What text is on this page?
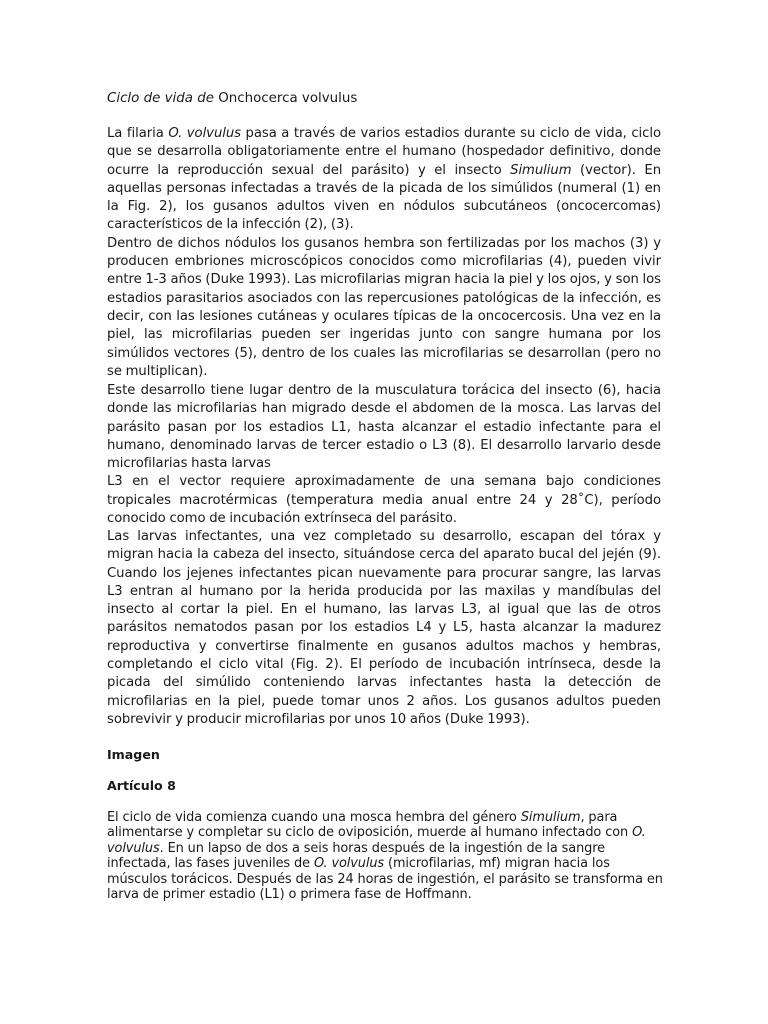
Ciclo de vida de Onchocerca volvulus
La filaria O. volvulus pasa a través de varios estadios durante su ciclo de vida, ciclo que se desarrolla obligatoriamente entre el humano (hospedador definitivo, donde ocurre la reproducción sexual del parásito) y el insecto Simulium (vector). En aquellas personas infectadas a través de la picada de los simúlidos (numeral (1) en la Fig. 2), los gusanos adultos viven en nódulos subcutáneos (oncocercomas) característicos de la infección (2), (3).
Dentro de dichos nódulos los gusanos hembra son fertilizadas por los machos (3) y producen embriones microscópicos conocidos como microfilarias (4), pueden vivir entre 1-3 años (Duke 1993). Las microfilarias migran hacia la piel y los ojos, y son los estadios parasitarios asociados con las repercusiones patológicas de la infección, es decir, con las lesiones cutáneas y oculares típicas de la oncocercosis. Una vez en la piel, las microfilarias pueden ser ingeridas junto con sangre humana por los simúlidos vectores (5), dentro de los cuales las microfilarias se desarrollan (pero no se multiplican).
Este desarrollo tiene lugar dentro de la musculatura torácica del insecto (6), hacia donde las microfilarias han migrado desde el abdomen de la mosca. Las larvas del parásito pasan por los estadios L1, hasta alcanzar el estadio infectante para el humano, denominado larvas de tercer estadio o L3 (8). El desarrollo larvario desde microfilarias hasta larvas
L3 en el vector requiere aproximadamente de una semana bajo condiciones tropicales macrotérmicas (temperatura media anual entre 24 y 28˚C), período conocido como de incubación extrínseca del parásito.
Las larvas infectantes, una vez completado su desarrollo, escapan del tórax y migran hacia la cabeza del insecto, situándose cerca del aparato bucal del jején (9). Cuando los jejenes infectantes pican nuevamente para procurar sangre, las larvas L3 entran al humano por la herida producida por las maxilas y mandíbulas del insecto al cortar la piel. En el humano, las larvas L3, al igual que las de otros parásitos nematodos pasan por los estadios L4 y L5, hasta alcanzar la madurez reproductiva y convertirse finalmente en gusanos adultos machos y hembras, completando el ciclo vital (Fig. 2). El período de incubación intrínseca, desde la picada del simúlido conteniendo larvas infectantes hasta la detección de microfilarias en la piel, puede tomar unos 2 años. Los gusanos adultos pueden sobrevivir y producir microfilarias por unos 10 años (Duke 1993).
Imagen
Artículo 8
El ciclo de vida comienza cuando una mosca hembra del género Simulium, para alimentarse y completar su ciclo de oviposición, muerde al humano infectado con O. volvulus. En un lapso de dos a seis horas después de la ingestión de la sangre infectada, las fases juveniles de O. volvulus (microfilarias, mf) migran hacia los músculos torácicos. Después de las 24 horas de ingestión, el parásito se transforma en larva de primer estadio (L1) o primera fase de Hoffmann.
